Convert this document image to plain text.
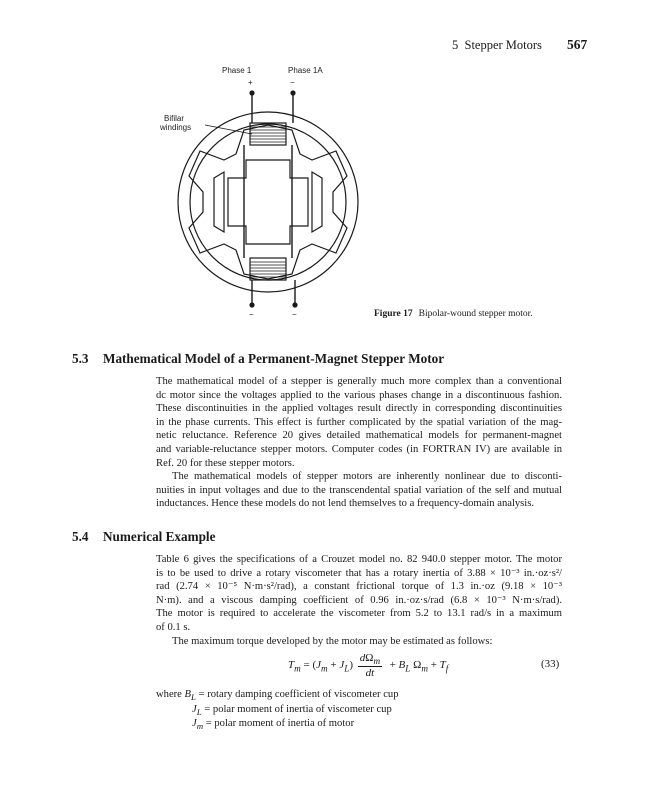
5  Stepper Motors 567
Phase 1	Phase 1A
+	−
Bifilar
windings
−	−	Figure 17 Bipolar-wound stepper motor.
5.3 Mathematical Model of a Permanent-Magnet Stepper Motor
The mathematical model of a stepper is generally much more complex than a conventional
dc motor since the voltages applied to the various phases change in a discontinuous fashion.
These discontinuities in the applied voltages result directly in corresponding discontinuities
in the phase currents. This effect is further complicated by the spatial variation of the mag-
netic reluctance. Reference 20 gives detailed mathematical models for permanent-magnet
and variable-reluctance stepper motors. Computer codes (in FORTRAN IV) are available in
Ref. 20 for these stepper motors.
The mathematical models of stepper motors are inherently nonlinear due to disconti-
nuities in input voltages and due to the transcendental spatial variation of the self and mutual
inductances. Hence these models do not lend themselves to a frequency-domain analysis.
5.4 Numerical Example
Table 6 gives the specifications of a Crouzet model no. 82 940.0 stepper motor. The motor
is to be used to drive a rotary viscometer that has a rotary inertia of 3.88 × 10⁻³ in.·oz·s²/
rad (2.74 × 10⁻⁵ N·m·s²/rad), a constant frictional torque of 1.3 in.·oz (9.18 × 10⁻³
N·m). and a viscous damping coefficient of 0.96 in.·oz·s/rad (6.8 × 10⁻³ N·m·s/rad).
The motor is required to accelerate the viscometer from 5.2 to 13.1 rad/s in a maximum
of 0.1 s.
The maximum torque developed by the motor may be estimated as follows:
$T_m = (J_m + J_L)$
$d\Omega_m$
dt
+ $B_L$ $\Omega_m + T_f$	(33)
where $B_L$ = rotary damping coefficient of viscometer cup
$J_L$ = polar moment of inertia of viscometer cup
$J_m$ = polar moment of inertia of motor
